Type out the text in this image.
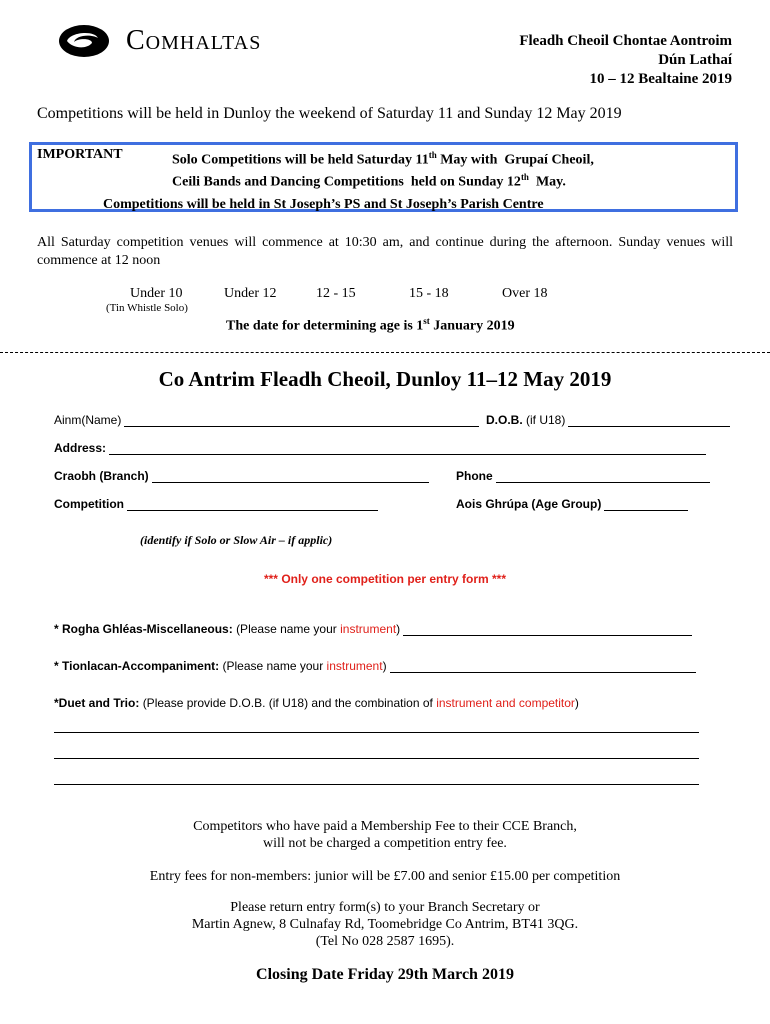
Comhaltas	Fleadh Cheoil Chontae Aontroim
Dún Lathaí
10 – 12 Bealtaine 2019
Competitions will be held in Dunloy the weekend of Saturday 11 and Sunday 12 May 2019
IMPORTANT	Solo Competitions will be held Saturday 11th May with  Grupaí Cheoil,
Ceili Bands and Dancing Competitions  held on Sunday 12th  May.
Competitions will be held in St Joseph’s PS and St Joseph’s Parish Centre
All Saturday competition venues will commence at 10:30 am, and continue during the afternoon. Sunday venues will commence at 12 noon
Under 10	Under 12	12 - 15	15 - 18	Over 18
(Tin Whistle Solo)
The date for determining age is 1st January 2019
Co Antrim Fleadh Cheoil, Dunloy 11–12 May 2019
Ainm(Name)	D.O.B.
(if U18)
Address:
Craobh (Branch)	Phone
Competition	Aois Ghrúpa (Age Group)
(identify if Solo or Slow Air – if applic)
*** Only one competition per entry form ***
* Rogha Ghléas-Miscellaneous:
(Please name your
instrument )
* Tionlacan-Accompaniment:
(Please name your
instrument )
*Duet and Trio:
(Please provide D.O.B. (if U18) and the combination of
instrument and competitor )
Competitors who have paid a Membership Fee to their CCE Branch,
will not be charged a competition entry fee.
Entry fees for non-members: junior will be £7.00 and senior £15.00 per competition
Please return entry form(s) to your Branch Secretary or
Martin Agnew, 8 Culnafay Rd, Toomebridge Co Antrim, BT41 3QG.
(Tel No 028 2587 1695).
Closing Date Friday 29th March 2019
